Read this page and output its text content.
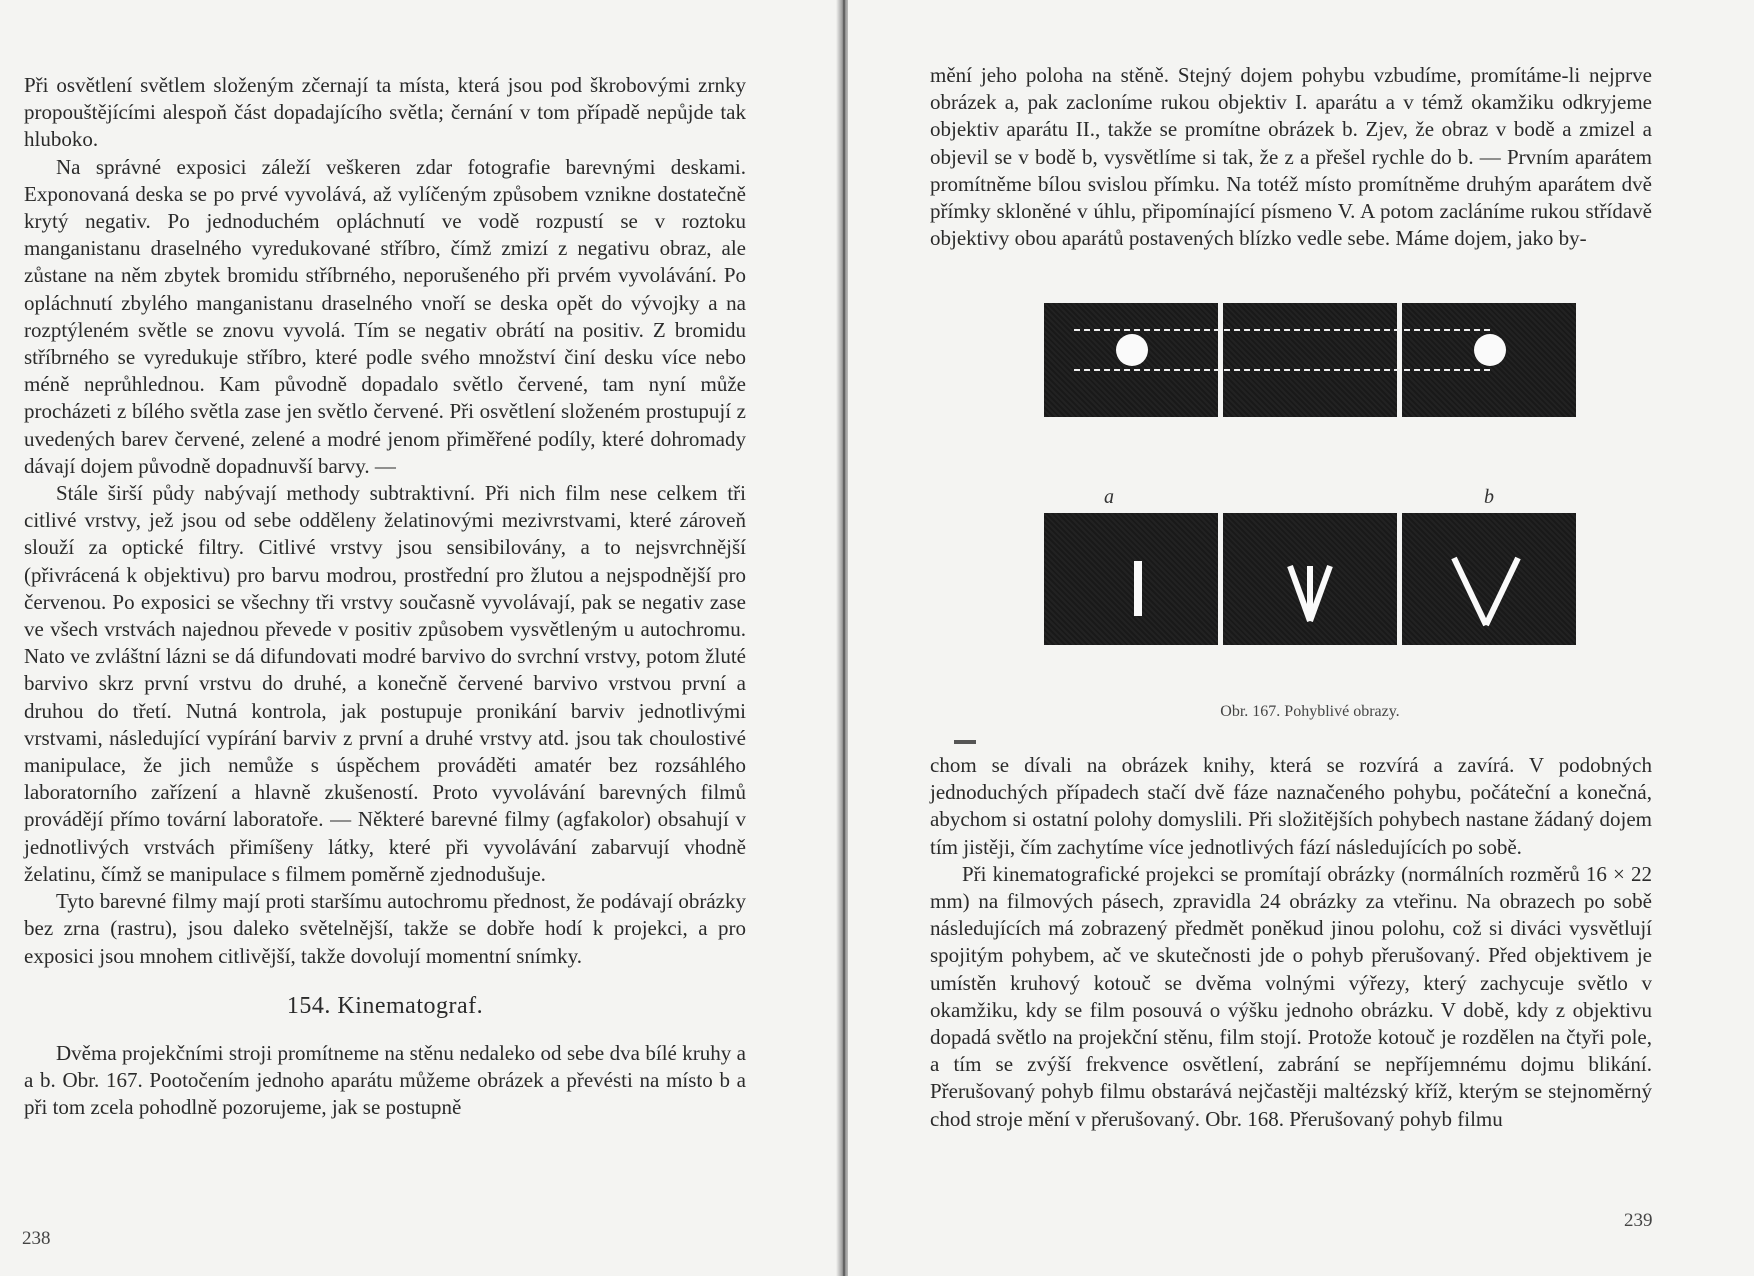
Při osvětlení světlem složeným zčernají ta místa, která jsou pod škrobovými zrnky propouštějícími alespoň část dopadajícího světla; černání v tom případě nepůjde tak hluboko.

Na správné exposici záleží veškeren zdar fotografie barevnými deskami. Exponovaná deska se po prvé vyvolává, až vylíčeným způsobem vznikne dostatečně krytý negativ. Po jednoduchém opláchnutí ve vodě rozpustí se v roztoku manganistanu draselného vyredukované stříbro, čímž zmizí z negativu obraz, ale zůstane na něm zbytek bromidu stříbrného, neporušeného při prvém vyvolávání. Po opláchnutí zbylého manganistanu draselného vnoří se deska opět do vývojky a na rozptýleném světle se znovu vyvolá. Tím se negativ obrátí na positiv. Z bromidu stříbrného se vyredukuje stříbro, které podle svého množství činí desku více nebo méně neprůhlednou. Kam původně dopadalo světlo červené, tam nyní může procházeti z bílého světla zase jen světlo červené. Při osvětlení složeném prostupují z uvedených barev červené, zelené a modré jenom přiměřené podíly, které dohromady dávají dojem původně dopadnuvší barvy. —

Stále širší půdy nabývají methody subtraktivní. Při nich film nese celkem tři citlivé vrstvy, jež jsou od sebe odděleny želatinovými mezivrstvami, které zároveň slouží za optické filtry. Citlivé vrstvy jsou sensibilovány, a to nejsvrchnější (přivrácená k objektivu) pro barvu modrou, prostřední pro žlutou a nejspodnější pro červenou. Po exposici se všechny tři vrstvy současně vyvolávají, pak se negativ zase ve všech vrstvách najednou převede v positiv způsobem vysvětleným u autochromu. Nato ve zvláštní lázni se dá difundovati modré barvivo do svrchní vrstvy, potom žluté barvivo skrz první vrstvu do druhé, a konečně červené barvivo vrstvou první a druhou do třetí. Nutná kontrola, jak postupuje pronikání barviv jednotlivými vrstvami, následující vypírání barviv z první a druhé vrstvy atd. jsou tak choulostivé manipulace, že jich nemůže s úspěchem prováděti amatér bez rozsáhlého laboratorního zařízení a hlavně zkušeností. Proto vyvolávání barevných filmů provádějí přímo tovární laboratoře. — Některé barevné filmy (agfakolor) obsahují v jednotlivých vrstvách přimíšeny látky, které při vyvolávání zabarvují vhodně želatinu, čímž se manipulace s filmem poměrně zjednodušuje.

Tyto barevné filmy mají proti staršímu autochromu přednost, že podávají obrázky bez zrna (rastru), jsou daleko světelnější, takže se dobře hodí k projekci, a pro exposici jsou mnohem citlivější, takže dovolují momentní snímky.

154. Kinematograf.

Dvěma projekčními stroji promítneme na stěnu nedaleko od sebe dva bílé kruhy a a b. Obr. 167. Pootočením jednoho aparátu můžeme obrázek a převésti na místo b a při tom zcela pohodlně pozorujeme, jak se postupně

238
239

mění jeho poloha na stěně. Stejný dojem pohybu vzbudíme, promítáme-li nejprve obrázek a, pak zacloníme rukou objektiv I. aparátu a v témž okamžiku odkryjeme objektiv aparátu II., takže se promítne obrázek b. Zjev, že obraz v bodě a zmizel a objevil se v bodě b, vysvětlíme si tak, že z a přešel rychle do b. — Prvním aparátem promítněme bílou svislou přímku. Na totéž místo promítněme druhým aparátem dvě přímky skloněné v úhlu, připomínající písmeno V. A potom zacláníme rukou střídavě objektivy obou aparátů postavených blízko vedle sebe. Máme dojem, jako by-

a	b
Obr. 167. Pohyblivé obrazy.

chom se dívali na obrázek knihy, která se rozvírá a zavírá. V podobných jednoduchých případech stačí dvě fáze naznačeného pohybu, počáteční a konečná, abychom si ostatní polohy domyslili. Při složitějších pohybech nastane žádaný dojem tím jistěji, čím zachytíme více jednotlivých fází následujících po sobě.

Při kinematografické projekci se promítají obrázky (normálních rozměrů 16 × 22 mm) na filmových pásech, zpravidla 24 obrázky za vteřinu. Na obrazech po sobě následujících má zobrazený předmět poněkud jinou polohu, což si diváci vysvětlují spojitým pohybem, ač ve skutečnosti jde o pohyb přerušovaný. Před objektivem je umístěn kruhový kotouč se dvěma volnými výřezy, který zachycuje světlo v okamžiku, kdy se film posouvá o výšku jednoho obrázku. V době, kdy z objektivu dopadá světlo na projekční stěnu, film stojí. Protože kotouč je rozdělen na čtyři pole, a tím se zvýší frekvence osvětlení, zabrání se nepříjemnému dojmu blikání. Přerušovaný pohyb filmu obstarává nejčastěji maltézský kříž, kterým se stejnoměrný chod stroje mění v přerušovaný. Obr. 168. Přerušovaný pohyb filmu
